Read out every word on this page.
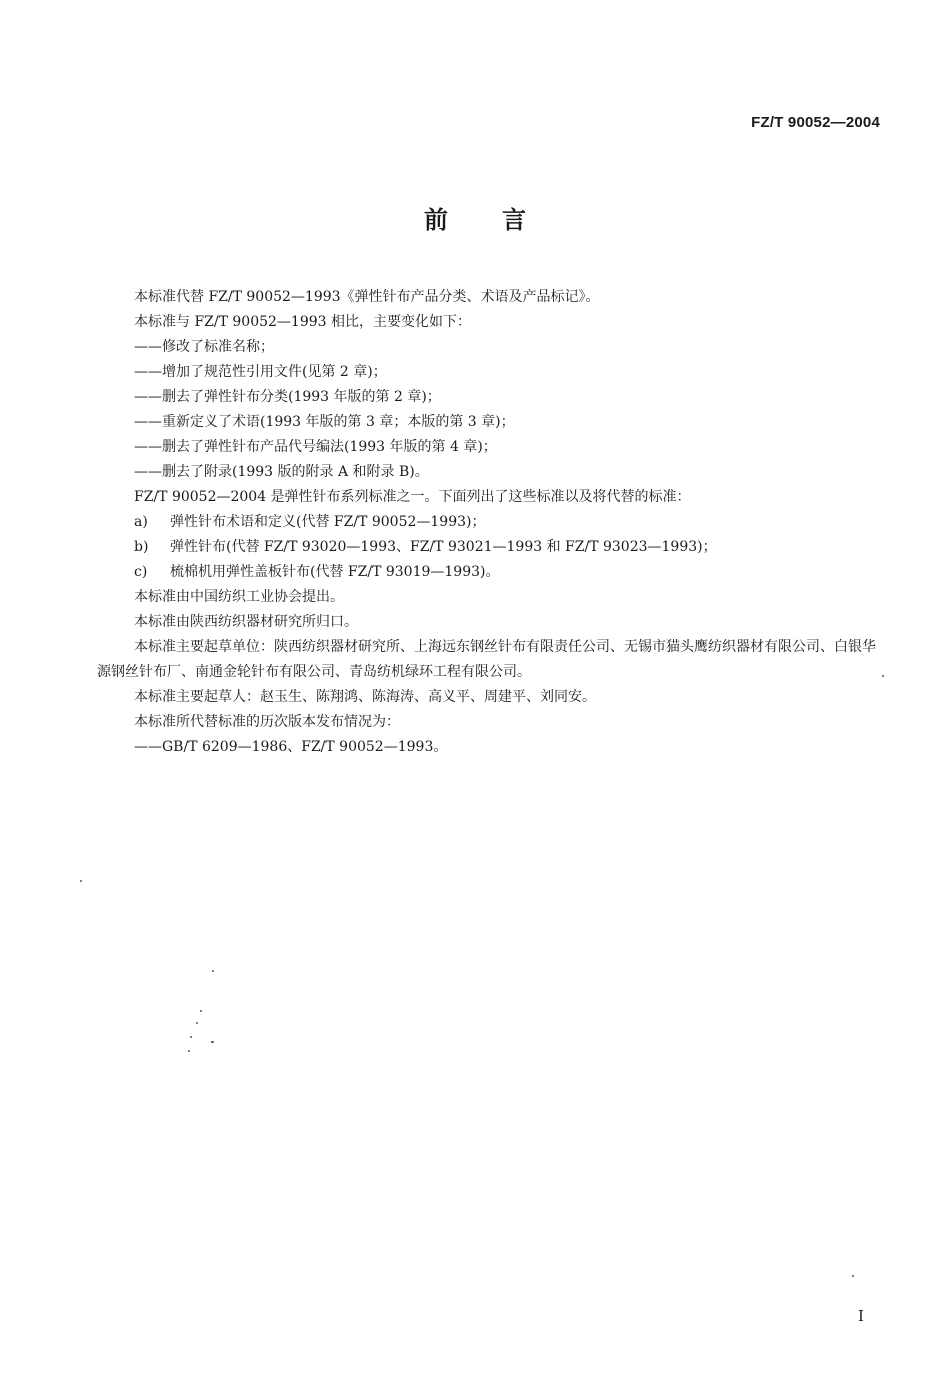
FZ/T 90052—2004
前言
本标准代替 FZ/T 90052—1993《弹性针布产品分类、术语及产品标记》。
本标准与 FZ/T 90052—1993 相比，主要变化如下：
——修改了标准名称；
——增加了规范性引用文件(见第 2 章)；
——删去了弹性针布分类(1993 年版的第 2 章)；
——重新定义了术语(1993 年版的第 3 章；本版的第 3 章)；
——删去了弹性针布产品代号编法(1993 年版的第 4 章)；
——删去了附录(1993 版的附录 A 和附录 B)。
FZ/T 90052—2004 是弹性针布系列标准之一。下面列出了这些标准以及将代替的标准：
a) 弹性针布术语和定义(代替 FZ/T 90052—1993)；
b) 弹性针布(代替 FZ/T 93020—1993、FZ/T 93021—1993 和 FZ/T 93023—1993)；
c) 梳棉机用弹性盖板针布(代替 FZ/T 93019—1993)。
本标准由中国纺织工业协会提出。
本标准由陕西纺织器材研究所归口。
本标准主要起草单位：陕西纺织器材研究所、上海远东钢丝针布有限责任公司、无锡市猫头鹰纺织器材有限公司、白银华源钢丝针布厂、南通金轮针布有限公司、青岛纺机绿环工程有限公司。
本标准主要起草人：赵玉生、陈翔鸿、陈海涛、高义平、周建平、刘同安。
本标准所代替标准的历次版本发布情况为：
——GB/T 6209—1986、FZ/T 90052—1993。
I
